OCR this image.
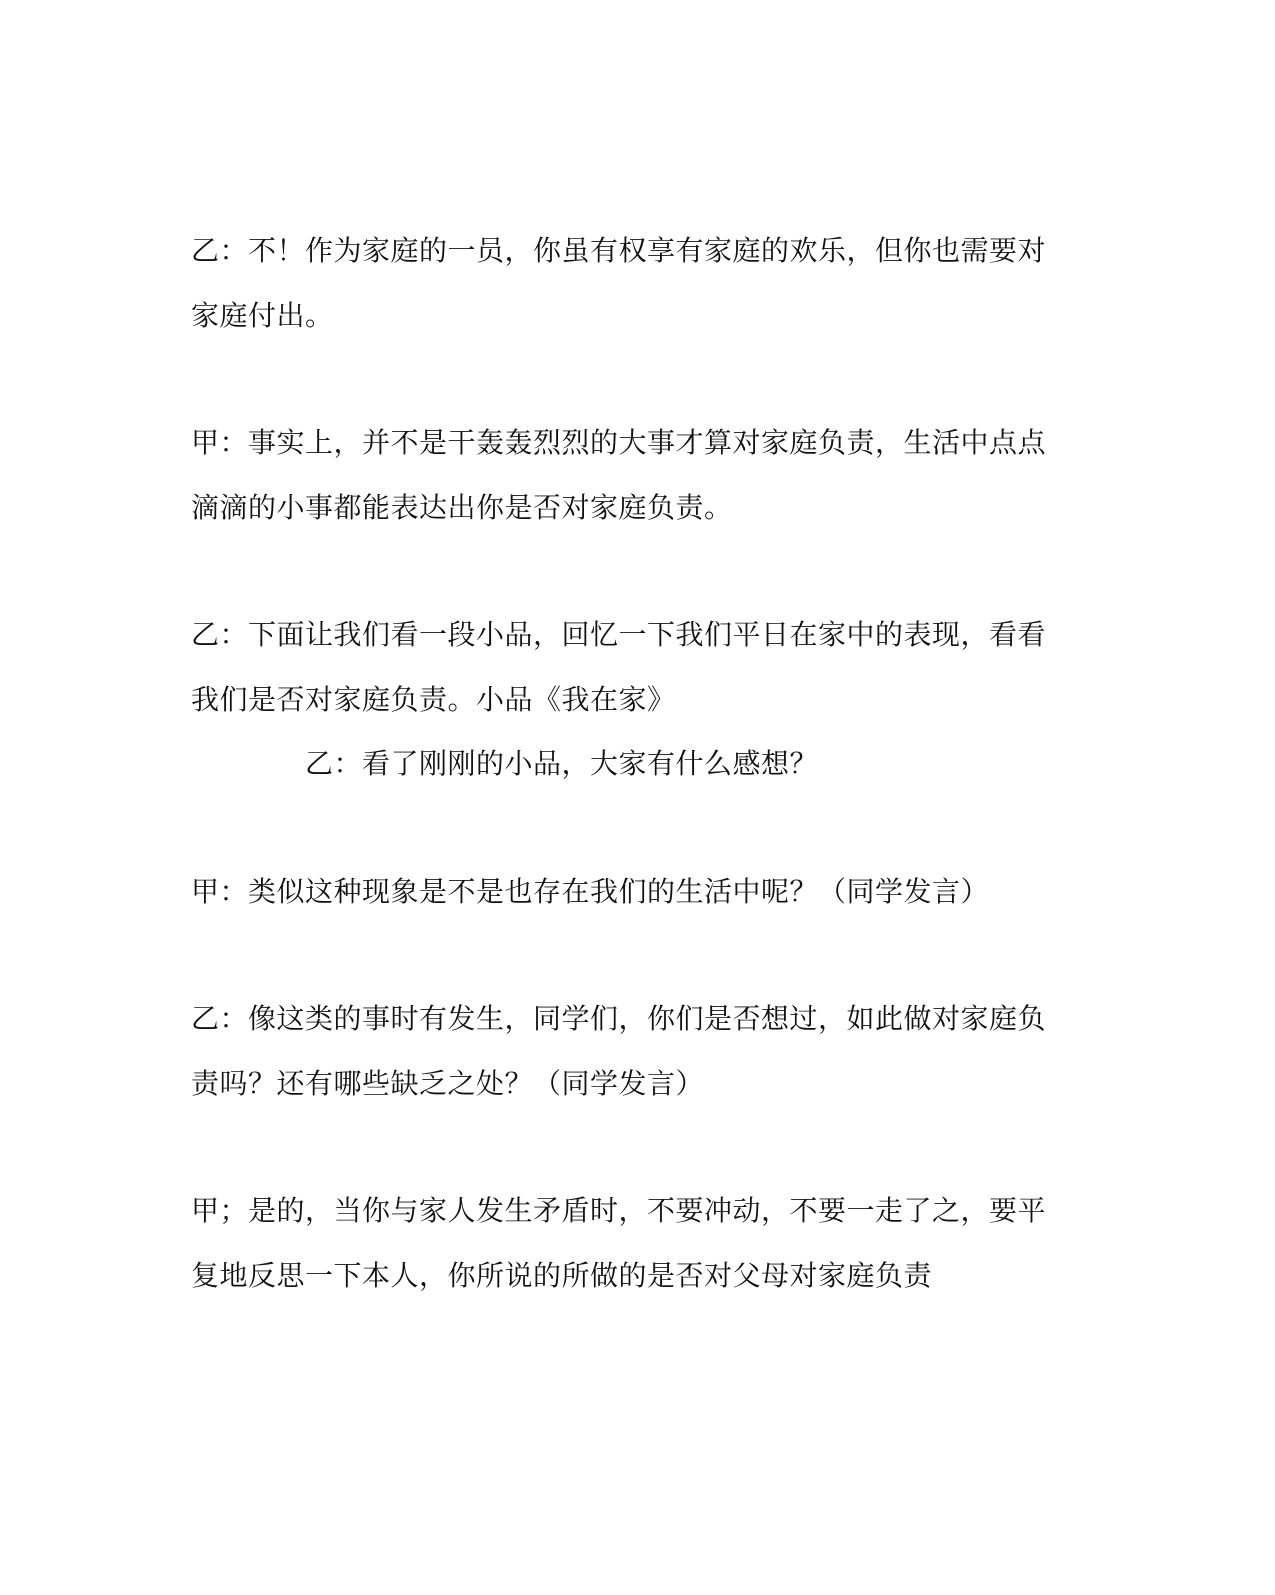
乙：不！作为家庭的一员，你虽有权享有家庭的欢乐，但你也需要对
家庭付出。
甲：事实上，并不是干轰轰烈烈的大事才算对家庭负责，生活中点点
滴滴的小事都能表达出你是否对家庭负责。
乙：下面让我们看一段小品，回忆一下我们平日在家中的表现，看看
我们是否对家庭负责。小品《我在家》
乙：看了刚刚的小品，大家有什么感想？
甲：类似这种现象是不是也存在我们的生活中呢？（同学发言）
乙：像这类的事时有发生，同学们，你们是否想过，如此做对家庭负
责吗？还有哪些缺乏之处？（同学发言）
甲；是的，当你与家人发生矛盾时，不要冲动，不要一走了之，要平
复地反思一下本人，你所说的所做的是否对父母对家庭负责
